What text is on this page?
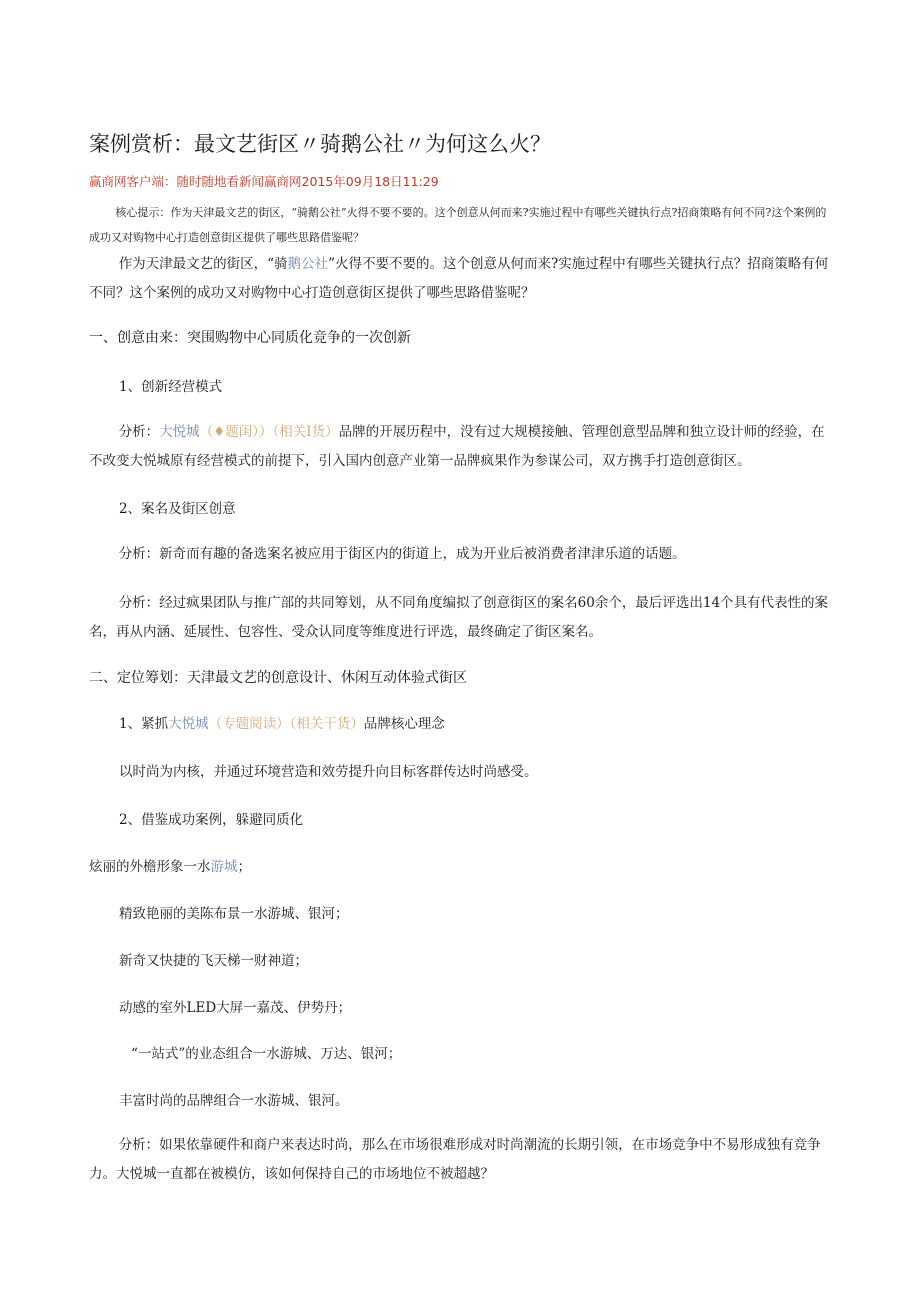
案例赏析：最文艺街区〃骑鹅公社〃为何这么火？
赢商网客户端：随时随地看新闻赢商网2015年09月18日11:29
核心提示：作为天津最文艺的街区，“骑鹅公社”火得不要不要的。这个创意从何而来?实施过程中有哪些关键执行点?招商策略有何不同?这个案例的成功又对购物中心打造创意街区提供了哪些思路借鉴呢？
作为天津最文艺的街区，“骑鹅公社”火得不要不要的。这个创意从何而来?实施过程中有哪些关键执行点？招商策略有何不同？这个案例的成功又对购物中心打造创意街区提供了哪些思路借鉴呢？
一、创意由来：突围购物中心同质化竞争的一次创新
1、创新经营模式
分析：大悦城（♦题闺））（相关I货）品牌的开展历程中，没有过大规模接触、管理创意型品牌和独立设计师的经验，在不改变大悦城原有经营模式的前提下，引入国内创意产业第一品牌疯果作为参谋公司，双方携手打造创意街区。
2、案名及街区创意
分析：新奇而有趣的备选案名被应用于街区内的街道上，成为开业后被消费者津津乐道的话题。
分析：经过疯果团队与推广部的共同筹划，从不同角度编拟了创意街区的案名60余个，最后评选出14个具有代表性的案名，再从内涵、延展性、包容性、受众认同度等维度进行评选，最终确定了街区案名。
二、定位筹划：天津最文艺的创意设计、休闲互动体验式街区
1、紧抓大悦城（专题阅读）（相关干货）品牌核心理念
以时尚为内核，并通过环境营造和效劳提升向目标客群传达时尚感受。
2、借鉴成功案例，躲避同质化
炫丽的外檐形象一水游城；
精致艳丽的美陈布景一水游城、银河；
新奇又快捷的飞天梯一财神道；
动感的室外LED大屏一嘉茂、伊势丹；
“一站式”的业态组合一水游城、万达、银河；
丰富时尚的品牌组合一水游城、银河。
分析：如果依靠硬件和商户来表达时尚，那么在市场很难形成对时尚潮流的长期引领，在市场竞争中不易形成独有竞争力。大悦城一直都在被模仿，该如何保持自己的市场地位不被超越？
